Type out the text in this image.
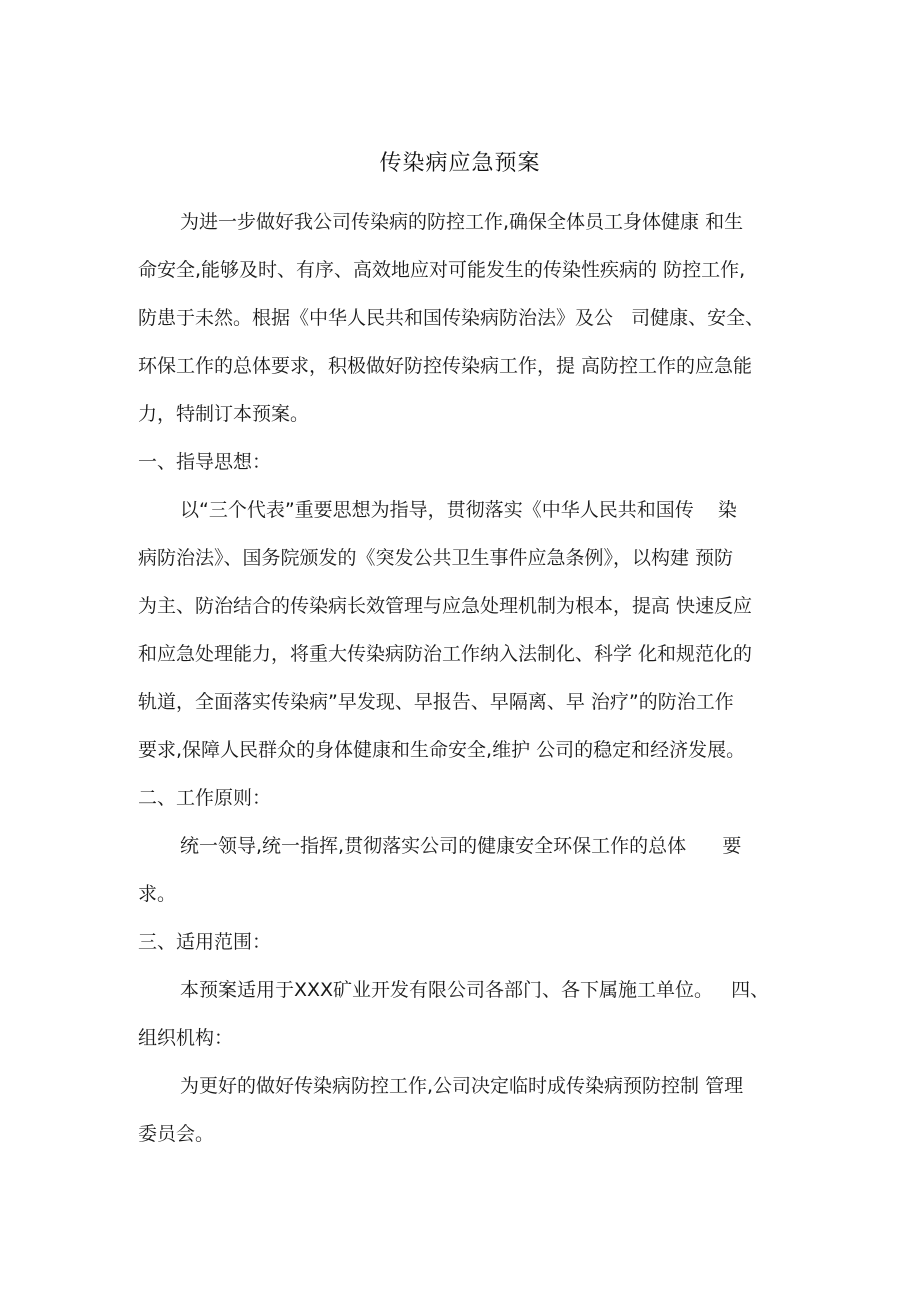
传染病应急预案
为进一步做好我公司传染病的防控工作,确保全体员工身体健康 和生
命安全,能够及时、有序、高效地应对可能发生的传染性疾病的 防控工作,
防患于未然。根据《中华人民共和国传染病防治法》及公   司健康、安全、
环保工作的总体要求，积极做好防控传染病工作，提 高防控工作的应急能
力，特制订本预案。
一、指导思想：
以“三个代表”重要思想为指导，贯彻落实《中华人民共和国传    染
病防治法》、国务院颁发的《突发公共卫生事件应急条例》，以构建 预防
为主、防治结合的传染病长效管理与应急处理机制为根本，提高 快速反应
和应急处理能力，将重大传染病防治工作纳入法制化、科学 化和规范化的
轨道，全面落实传染病”早发现、早报告、早隔离、早 治疗”的防治工作
要求,保障人民群众的身体健康和生命安全,维护 公司的稳定和经济发展。
二、工作原则：
统一领导,统一指挥,贯彻落实公司的健康安全环保工作的总体      要
求。
三、适用范围：
本预案适用于XXX矿业开发有限公司各部门、各下属施工单位。   四、
组织机构：
为更好的做好传染病防控工作,公司决定临时成传染病预防控制 管理
委员会。
